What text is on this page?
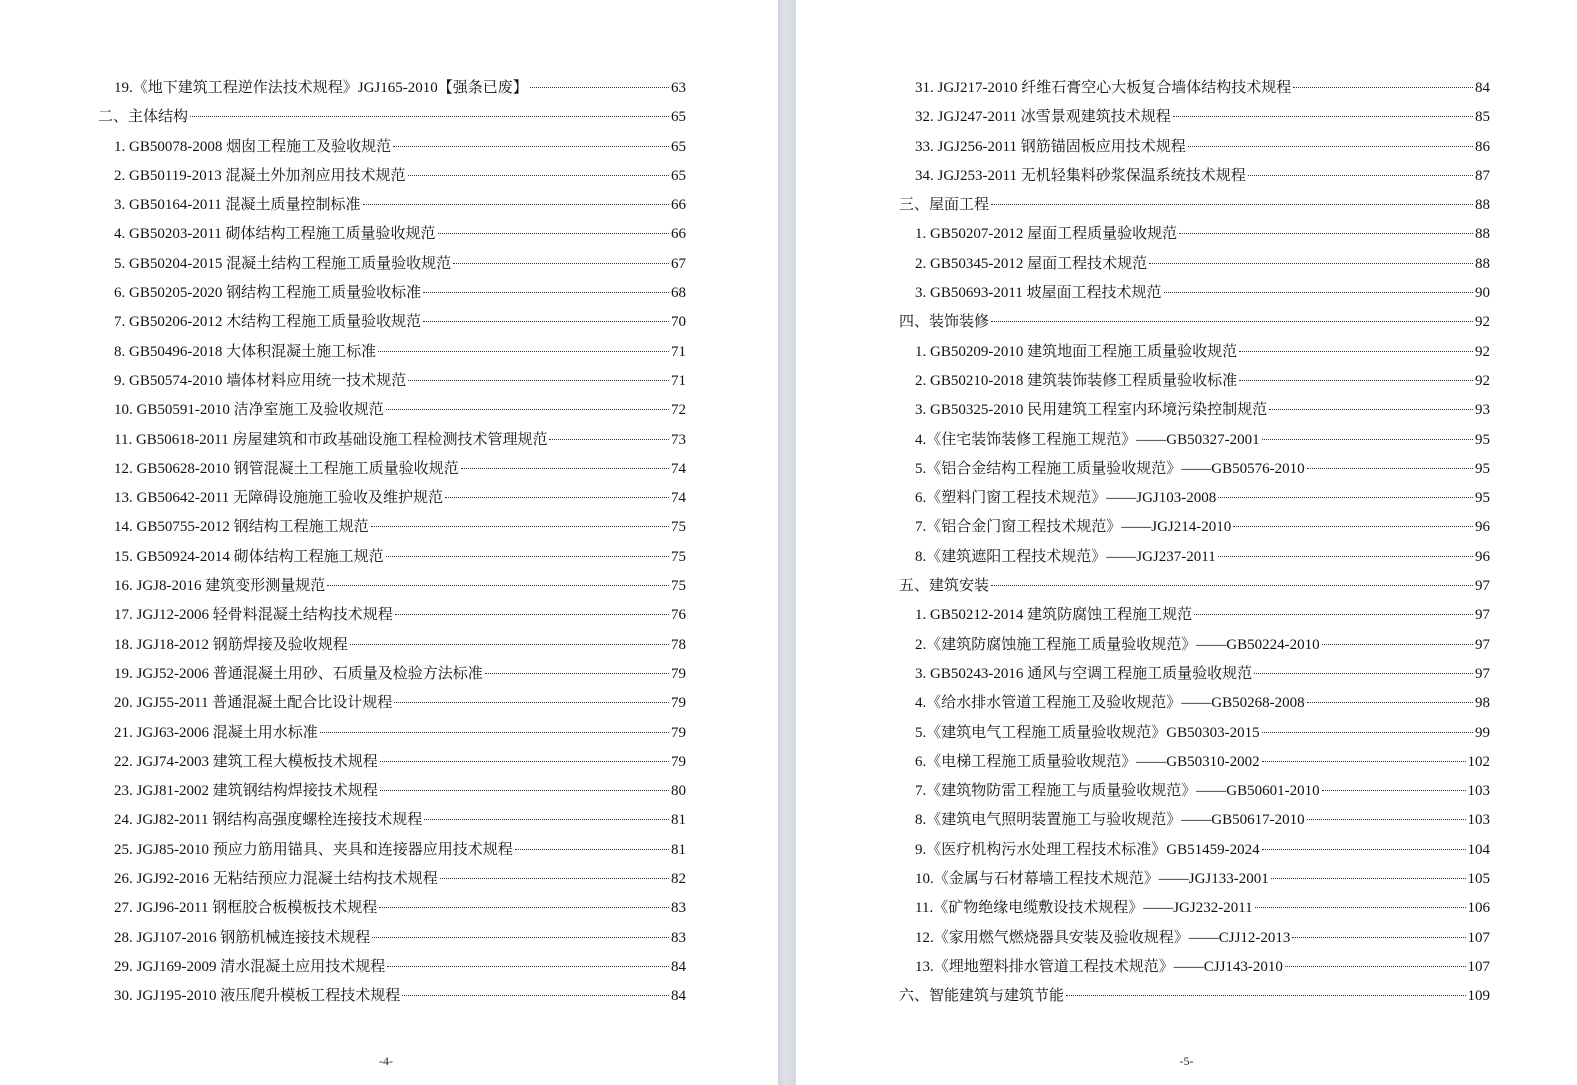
19.《地下建筑工程逆作法技术规程》JGJ165-2010【强条已废】	63
二、主体结构	65
1. GB50078-2008 烟囱工程施工及验收规范	65
2. GB50119-2013 混凝土外加剂应用技术规范	65
3. GB50164-2011 混凝土质量控制标准	66
4. GB50203-2011 砌体结构工程施工质量验收规范	66
5. GB50204-2015 混凝土结构工程施工质量验收规范	67
6. GB50205-2020 钢结构工程施工质量验收标准	68
7. GB50206-2012 木结构工程施工质量验收规范	70
8. GB50496-2018 大体积混凝土施工标准	71
9. GB50574-2010 墙体材料应用统一技术规范	71
10. GB50591-2010 洁净室施工及验收规范	72
11. GB50618-2011 房屋建筑和市政基础设施工程检测技术管理规范	73
12. GB50628-2010 钢管混凝土工程施工质量验收规范	74
13. GB50642-2011 无障碍设施施工验收及维护规范	74
14. GB50755-2012 钢结构工程施工规范	75
15. GB50924-2014 砌体结构工程施工规范	75
16. JGJ8-2016 建筑变形测量规范	75
17. JGJ12-2006 轻骨料混凝土结构技术规程	76
18. JGJ18-2012 钢筋焊接及验收规程	78
19. JGJ52-2006 普通混凝土用砂、石质量及检验方法标准	79
20. JGJ55-2011 普通混凝土配合比设计规程	79
21. JGJ63-2006 混凝土用水标准	79
22. JGJ74-2003 建筑工程大模板技术规程	79
23. JGJ81-2002 建筑钢结构焊接技术规程	80
24. JGJ82-2011 钢结构高强度螺栓连接技术规程	81
25. JGJ85-2010 预应力筋用锚具、夹具和连接器应用技术规程	81
26. JGJ92-2016 无粘结预应力混凝土结构技术规程	82
27. JGJ96-2011 钢框胶合板模板技术规程	83
28. JGJ107-2016 钢筋机械连接技术规程	83
29. JGJ169-2009 清水混凝土应用技术规程	84
30. JGJ195-2010 液压爬升模板工程技术规程	84
-4-
31. JGJ217-2010 纤维石膏空心大板复合墙体结构技术规程	84
32. JGJ247-2011 冰雪景观建筑技术规程	85
33. JGJ256-2011 钢筋锚固板应用技术规程	86
34. JGJ253-2011 无机轻集料砂浆保温系统技术规程	87
三、屋面工程	88
1. GB50207-2012 屋面工程质量验收规范	88
2. GB50345-2012 屋面工程技术规范	88
3. GB50693-2011 坡屋面工程技术规范	90
四、装饰装修	92
1. GB50209-2010 建筑地面工程施工质量验收规范	92
2. GB50210-2018 建筑装饰装修工程质量验收标准	92
3. GB50325-2010 民用建筑工程室内环境污染控制规范	93
4.《住宅装饰装修工程施工规范》——GB50327-2001	95
5.《铝合金结构工程施工质量验收规范》——GB50576-2010	95
6.《塑料门窗工程技术规范》——JGJ103-2008	95
7.《铝合金门窗工程技术规范》——JGJ214-2010	96
8.《建筑遮阳工程技术规范》——JGJ237-2011	96
五、建筑安装	97
1. GB50212-2014 建筑防腐蚀工程施工规范	97
2.《建筑防腐蚀施工程施工质量验收规范》——GB50224-2010	97
3. GB50243-2016 通风与空调工程施工质量验收规范	97
4.《给水排水管道工程施工及验收规范》——GB50268-2008	98
5.《建筑电气工程施工质量验收规范》GB50303-2015	99
6.《电梯工程施工质量验收规范》——GB50310-2002	102
7.《建筑物防雷工程施工与质量验收规范》——GB50601-2010	103
8.《建筑电气照明装置施工与验收规范》——GB50617-2010	103
9.《医疗机构污水处理工程技术标准》GB51459-2024	104
10.《金属与石材幕墙工程技术规范》——JGJ133-2001	105
11.《矿物绝缘电缆敷设技术规程》——JGJ232-2011	106
12.《家用燃气燃烧器具安装及验收规程》——CJJ12-2013	107
13.《埋地塑料排水管道工程技术规范》——CJJ143-2010	107
六、智能建筑与建筑节能	109
-5-
